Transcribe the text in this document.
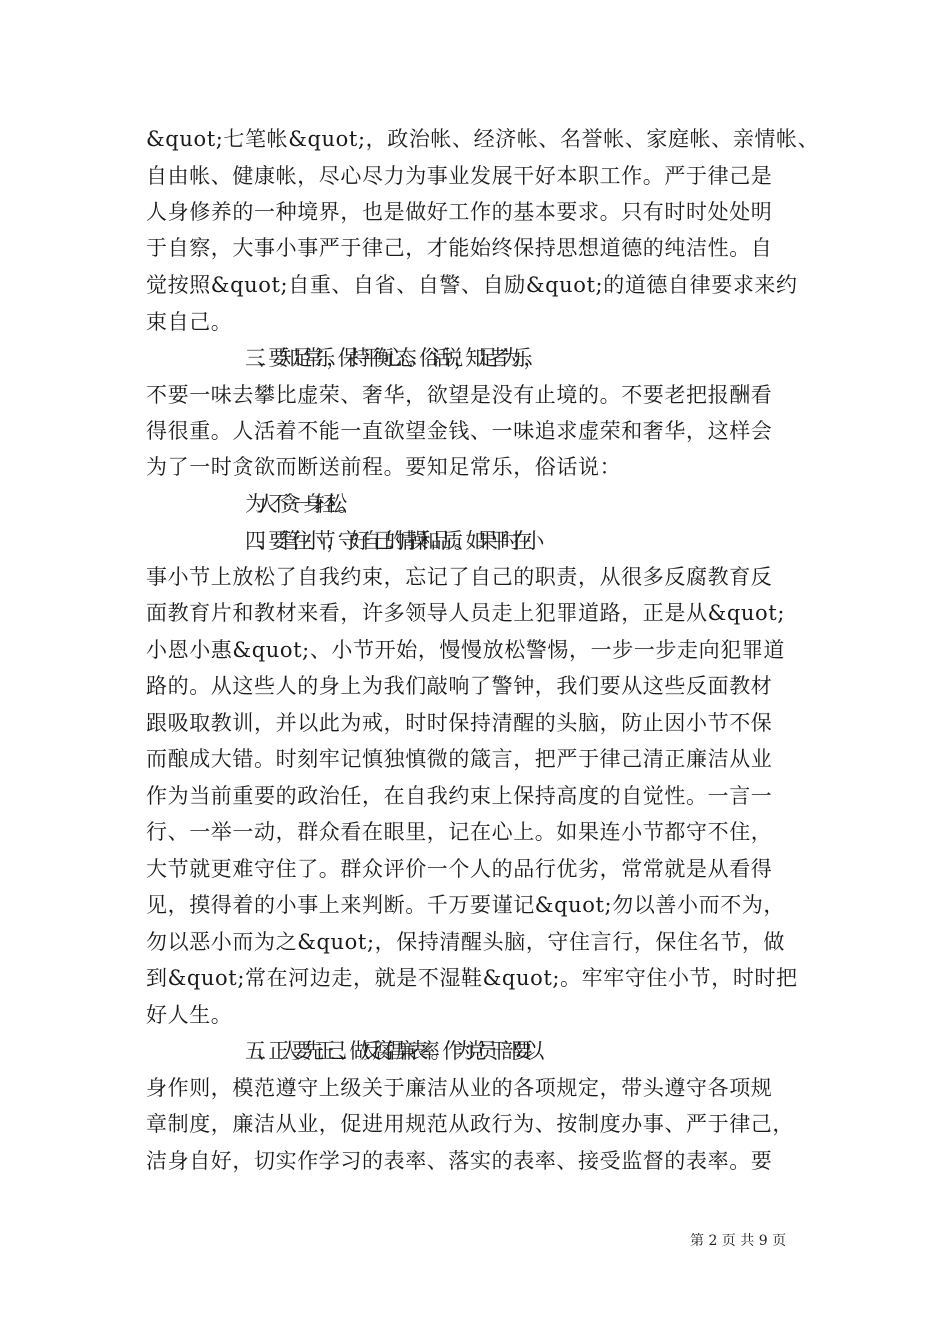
&quot;七笔帐&quot;，政治帐、经济帐、名誉帐、家庭帐、亲情帐、
自由帐、健康帐，尽心尽力为事业发展干好本职工作。严于律己是
人身修养的一种境界，也是做好工作的基本要求。只有时时处处明
于自察，大事小事严于律己，才能始终保持思想道德的纯洁性。自
觉按照&quot;自重、自省、自警、自励&quot;的道德自律要求来约
束自己。
三、要知足常乐，保持平衡心态。俗话说，知足者为乐，
不要一味去攀比虚荣、奢华，欲望是没有止境的。不要老把报酬看
得很重。人活着不能一直欲望金钱、一味追求虚荣和奢华，这样会
为了一时贪欲而断送前程。要知足常乐，俗话说：
为人不贪一身轻松。
四、要管住小节，守好自己的情操和品质。如果平时在小
事小节上放松了自我约束，忘记了自己的职责，从很多反腐教育反
面教育片和教材来看，许多领导人员走上犯罪道路，正是从&quot;
小恩小惠&quot;、小节开始，慢慢放松警惕，一步一步走向犯罪道
路的。从这些人的身上为我们敲响了警钟，我们要从这些反面教材
跟吸取教训，并以此为戒，时时保持清醒的头脑，防止因小节不保
而酿成大错。时刻牢记慎独慎微的箴言，把严于律己清正廉洁从业
作为当前重要的政治任，在自我约束上保持高度的自觉性。一言一
行、一举一动，群众看在眼里，记在心上。如果连小节都守不住，
大节就更难守住了。群众评价一个人的品行优劣，常常就是从看得
见，摸得着的小事上来判断。千万要谨记&quot;勿以善小而不为，
勿以恶小而为之&quot;，保持清醒头脑，守住言行，保住名节，做
到&quot;常在河边走，就是不湿鞋&quot;。牢牢守住小节，时时把
好人生。
五、正人要先正己、做反腐倡廉表率。作为党员干部要以
身作则，模范遵守上级关于廉洁从业的各项规定，带头遵守各项规
章制度，廉洁从业，促进用规范从政行为、按制度办事、严于律己，
洁身自好，切实作学习的表率、落实的表率、接受监督的表率。要
第 2 页 共 9 页
